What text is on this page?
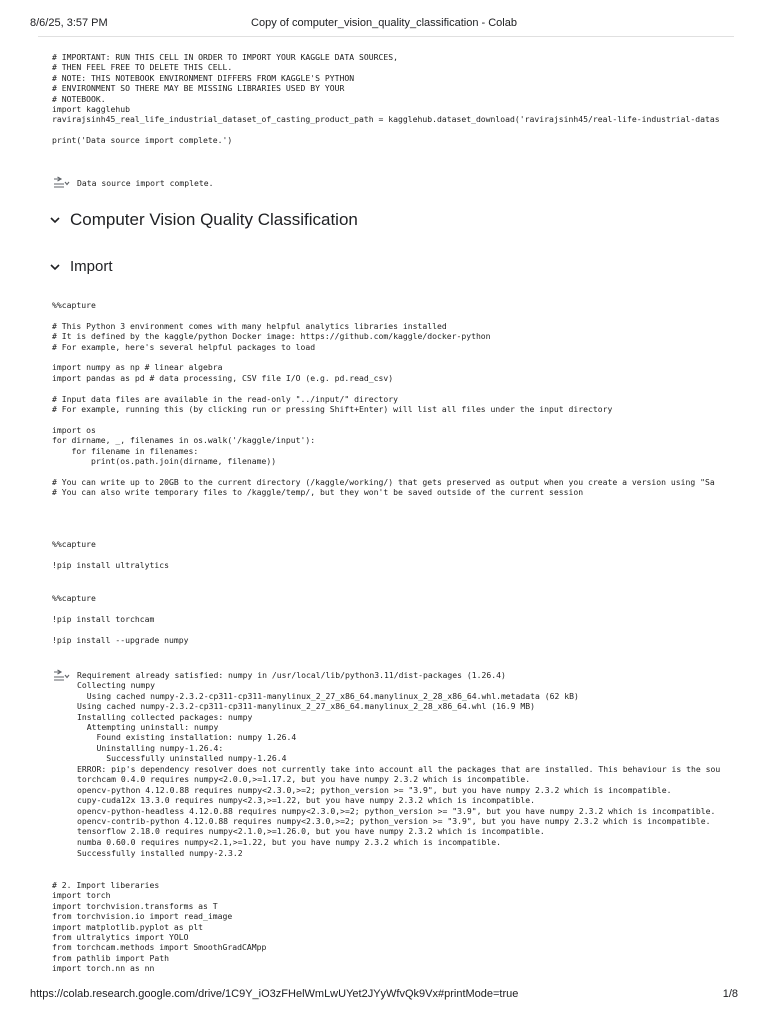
8/6/25, 3:57 PM	Copy of computer_vision_quality_classification - Colab
# IMPORTANT: RUN THIS CELL IN ORDER TO IMPORT YOUR KAGGLE DATA SOURCES,
# THEN FEEL FREE TO DELETE THIS CELL.
# NOTE: THIS NOTEBOOK ENVIRONMENT DIFFERS FROM KAGGLE'S PYTHON
# ENVIRONMENT SO THERE MAY BE MISSING LIBRARIES USED BY YOUR
# NOTEBOOK.
import kagglehub
ravirajsinh45_real_life_industrial_dataset_of_casting_product_path = kagglehub.dataset_download('ravirajsinh45/real-life-industrial-datas

print('Data source import complete.')
Data source import complete.
Computer Vision Quality Classification
Import
%%capture

# This Python 3 environment comes with many helpful analytics libraries installed
# It is defined by the kaggle/python Docker image: https://github.com/kaggle/docker-python
# For example, here's several helpful packages to load

import numpy as np # linear algebra
import pandas as pd # data processing, CSV file I/O (e.g. pd.read_csv)

# Input data files are available in the read-only "../input/" directory
# For example, running this (by clicking run or pressing Shift+Enter) will list all files under the input directory

import os
for dirname, _, filenames in os.walk('/kaggle/input'):
for filename in filenames:
print(os.path.join(dirname, filename))

# You can write up to 20GB to the current directory (/kaggle/working/) that gets preserved as output when you create a version using "Sa
# You can also write temporary files to /kaggle/temp/, but they won't be saved outside of the current session
%%capture

!pip install ultralytics
%%capture

!pip install torchcam

!pip install --upgrade numpy
Requirement already satisfied: numpy in /usr/local/lib/python3.11/dist-packages (1.26.4)
Collecting numpy
Using cached numpy-2.3.2-cp311-cp311-manylinux_2_27_x86_64.manylinux_2_28_x86_64.whl.metadata (62 kB)
Using cached numpy-2.3.2-cp311-cp311-manylinux_2_27_x86_64.manylinux_2_28_x86_64.whl (16.9 MB)
Installing collected packages: numpy
Attempting uninstall: numpy
Found existing installation: numpy 1.26.4
Uninstalling numpy-1.26.4:
Successfully uninstalled numpy-1.26.4
ERROR: pip's dependency resolver does not currently take into account all the packages that are installed. This behaviour is the sou
torchcam 0.4.0 requires numpy<2.0.0,>=1.17.2, but you have numpy 2.3.2 which is incompatible.
opencv-python 4.12.0.88 requires numpy<2.3.0,>=2; python_version >= "3.9", but you have numpy 2.3.2 which is incompatible.
cupy-cuda12x 13.3.0 requires numpy<2.3,>=1.22, but you have numpy 2.3.2 which is incompatible.
opencv-python-headless 4.12.0.88 requires numpy<2.3.0,>=2; python_version >= "3.9", but you have numpy 2.3.2 which is incompatible.
opencv-contrib-python 4.12.0.88 requires numpy<2.3.0,>=2; python_version >= "3.9", but you have numpy 2.3.2 which is incompatible.
tensorflow 2.18.0 requires numpy<2.1.0,>=1.26.0, but you have numpy 2.3.2 which is incompatible.
numba 0.60.0 requires numpy<2.1,>=1.22, but you have numpy 2.3.2 which is incompatible.
Successfully installed numpy-2.3.2
# 2. Import liberaries
import torch
import torchvision.transforms as T
from torchvision.io import read_image
import matplotlib.pyplot as plt
from ultralytics import YOLO
from torchcam.methods import SmoothGradCAMpp
from pathlib import Path
import torch.nn as nn
https://colab.research.google.com/drive/1C9Y_iO3zFHelWmLwUYet2JYyWfvQk9Vx#printMode=true	1/8
